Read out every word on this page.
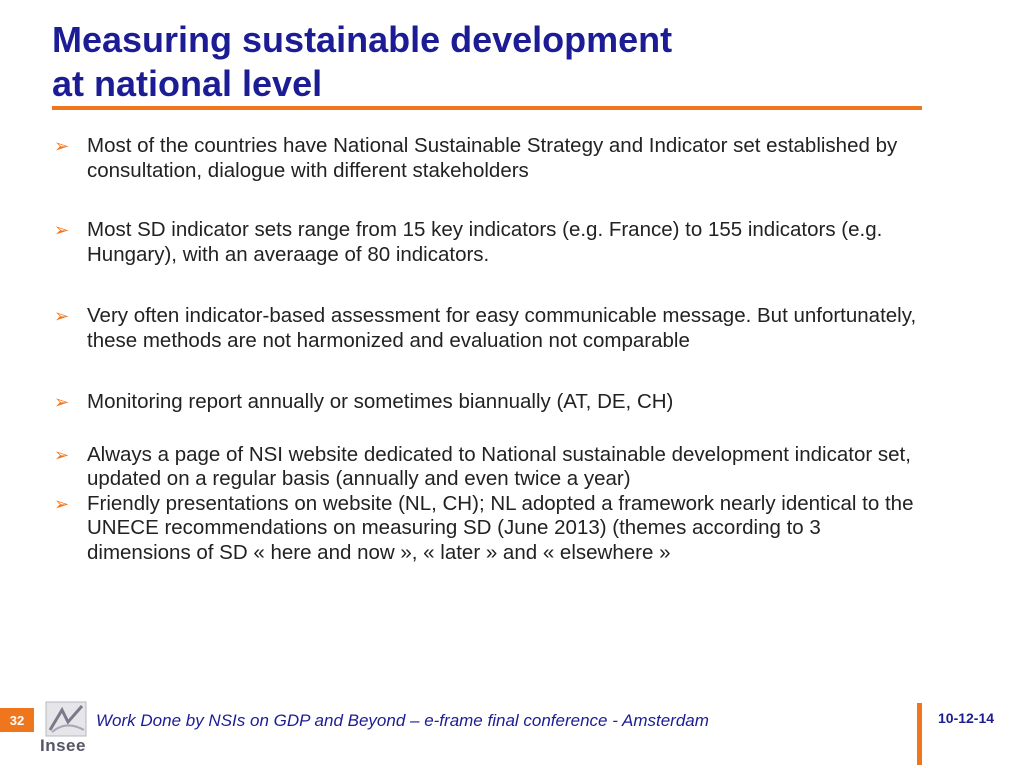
Measuring sustainable development
at national level
➢ Most of the countries have National Sustainable Strategy and Indicator set established by consultation, dialogue with different stakeholders
➢ Most SD indicator sets range from 15 key indicators (e.g. France) to 155 indicators (e.g. Hungary), with an averaage of 80 indicators.
➢ Very often indicator-based assessment for easy communicable message. But unfortunately, these methods are not harmonized and evaluation not comparable
➢ Monitoring report annually or sometimes biannually (AT, DE, CH)
➢ Always a page of NSI website dedicated to National sustainable development indicator set, updated on a regular basis (annually and even twice a year)
➢ Friendly presentations on website (NL, CH); NL adopted a framework nearly identical to the UNECE recommendations on measuring SD (June 2013) (themes according to 3 dimensions of SD « here and now », « later » and « elsewhere »
32
Insee
Work Done by NSIs on GDP and Beyond – e-frame final conference - Amsterdam	10-12-14
